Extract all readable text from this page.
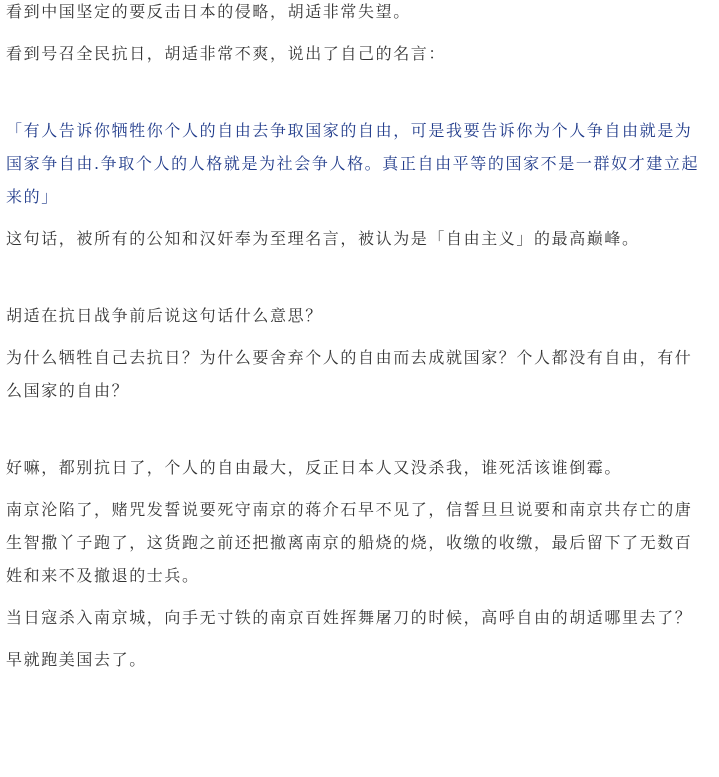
看到中国坚定的要反击日本的侵略，胡适非常失望。

看到号召全民抗日，胡适非常不爽，说出了自己的名言：

「有人告诉你牺牲你个人的自由去争取国家的自由，可是我要告诉你为个人争自由就是为国家争自由.争取个人的人格就是为社会争人格。真正自由平等的国家不是一群奴才建立起来的」

这句话，被所有的公知和汉奸奉为至理名言，被认为是「自由主义」的最高巅峰。

胡适在抗日战争前后说这句话什么意思？

为什么牺牲自己去抗日？为什么要舍弃个人的自由而去成就国家？个人都没有自由，有什么国家的自由？

好嘛，都别抗日了，个人的自由最大，反正日本人又没杀我，谁死活该谁倒霉。

南京沦陷了，赌咒发誓说要死守南京的蒋介石早不见了，信誓旦旦说要和南京共存亡的唐生智撒丫子跑了，这货跑之前还把撤离南京的船烧的烧，收缴的收缴，最后留下了无数百姓和来不及撤退的士兵。

当日寇杀入南京城，向手无寸铁的南京百姓挥舞屠刀的时候，高呼自由的胡适哪里去了？

早就跑美国去了。
